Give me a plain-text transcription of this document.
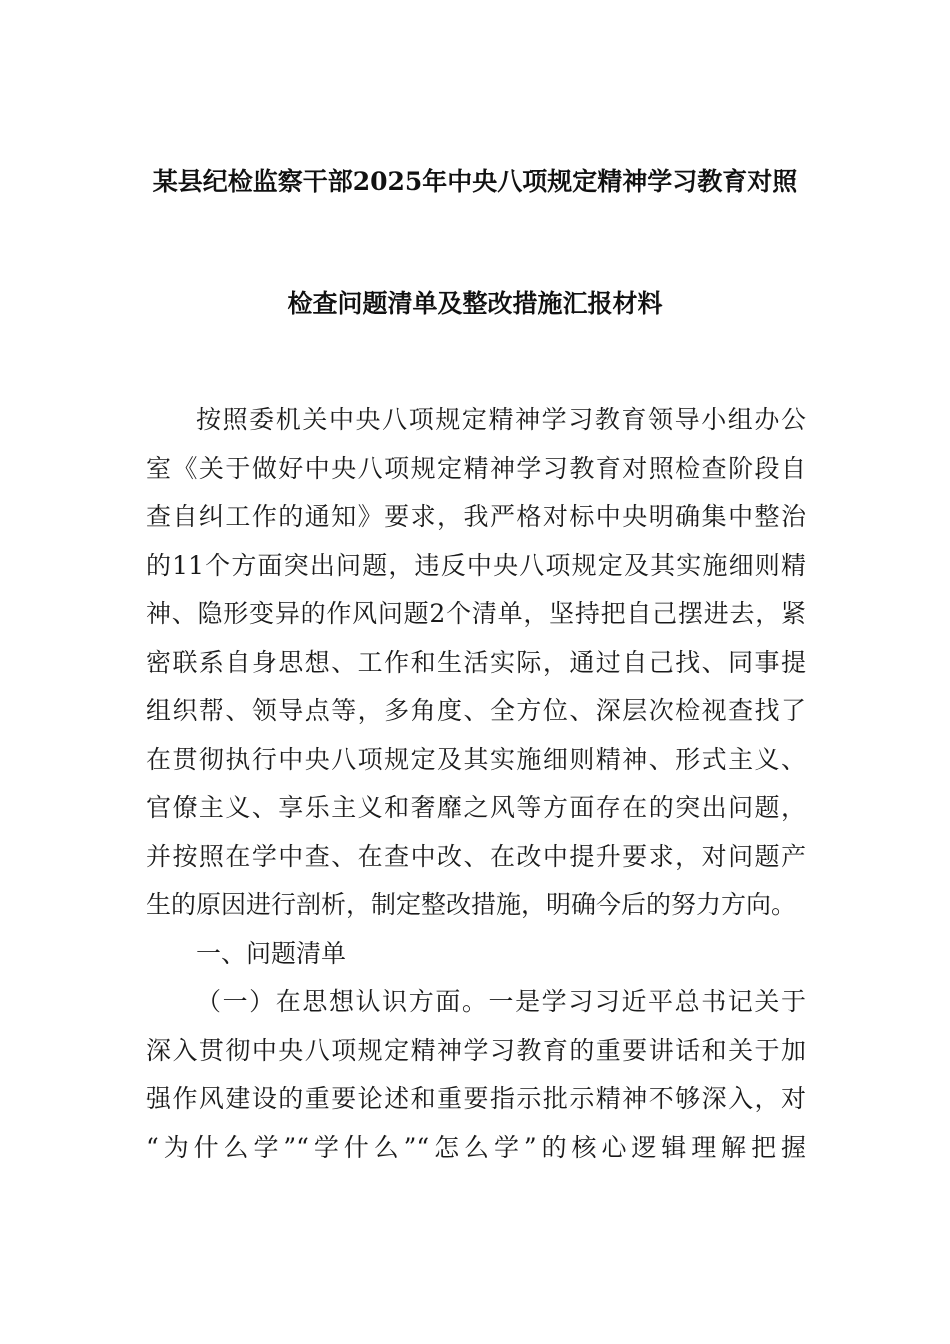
某县纪检监察干部2025年中央八项规定精神学习教育对照
检查问题清单及整改措施汇报材料
按照委机关中央八项规定精神学习教育领导小组办公
室《关于做好中央八项规定精神学习教育对照检查阶段自
查自纠工作的通知》要求，我严格对标中央明确集中整治
的11个方面突出问题，违反中央八项规定及其实施细则精
神、隐形变异的作风问题2个清单，坚持把自己摆进去，紧
密联系自身思想、工作和生活实际，通过自己找、同事提
组织帮、领导点等，多角度、全方位、深层次检视查找了
在贯彻执行中央八项规定及其实施细则精神、形式主义、
官僚主义、享乐主义和奢靡之风等方面存在的突出问题，
并按照在学中查、在查中改、在改中提升要求，对问题产
生的原因进行剖析，制定整改措施，明确今后的努力方向。
一、问题清单
（一）在思想认识方面。一是学习习近平总书记关于
深入贯彻中央八项规定精神学习教育的重要讲话和关于加
强作风建设的重要论述和重要指示批示精神不够深入，对
“为什么学”“学什么”“怎么学”的核心逻辑理解把握
